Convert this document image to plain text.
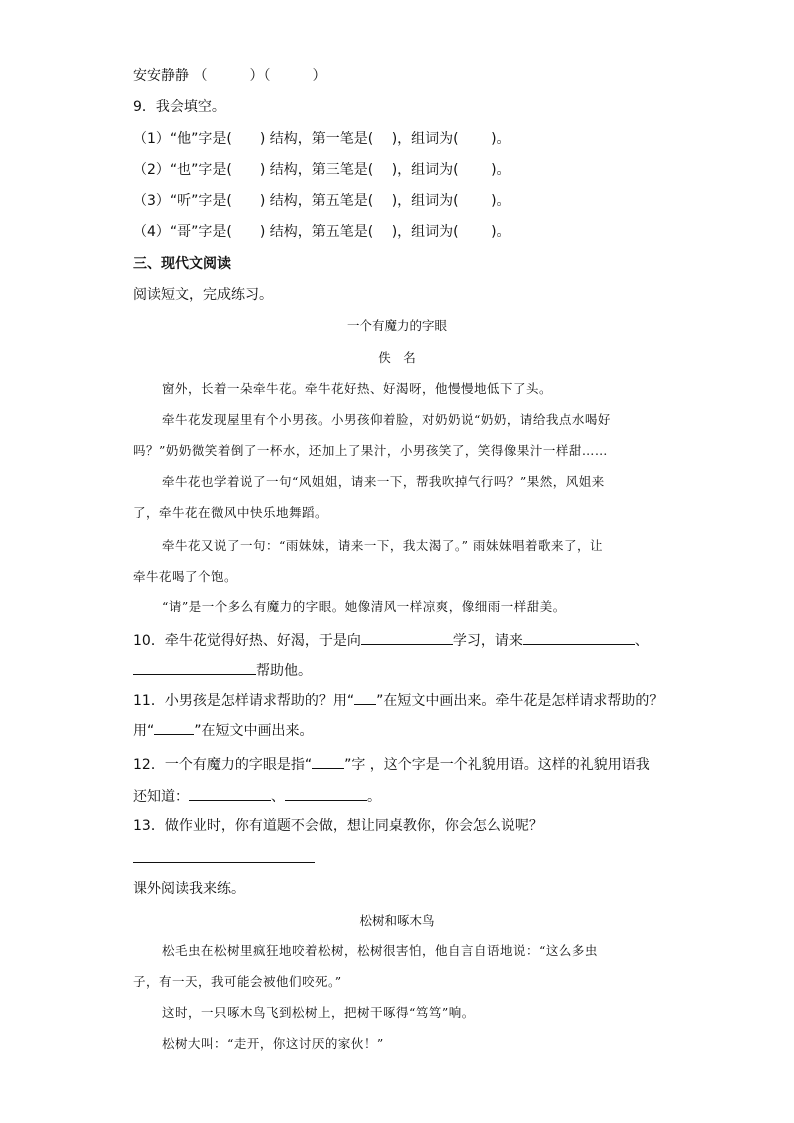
安安静静 （　　　）（　　　）
9．我会填空。
（1）“他”字是(　　) 结构，第一笔是(　 )，组词为(　　 )。
（2）“也”字是(　　) 结构，第三笔是(　 )，组词为(　　 )。
（3）“听”字是(　　) 结构，第五笔是(　 )，组词为(　　 )。
（4）“哥”字是(　　) 结构，第五笔是(　 )，组词为(　　 )。
三、现代文阅读
阅读短文，完成练习。
一个有魔力的字眼
佚　名
窗外，长着一朵牵牛花。牵牛花好热、好渴呀，他慢慢地低下了头。
牵牛花发现屋里有个小男孩。小男孩仰着脸，对奶奶说“奶奶，请给我点水喝好
吗？”奶奶微笑着倒了一杯水，还加上了果汁，小男孩笑了，笑得像果汁一样甜……
牵牛花也学着说了一句“风姐姐，请来一下，帮我吹掉气行吗？”果然，风姐来
了，牵牛花在微风中快乐地舞蹈。
牵牛花又说了一句：“雨妹妹，请来一下，我太渴了。” 雨妹妹唱着歌来了，让
牵牛花喝了个饱。
“请”是一个多么有魔力的字眼。她像清风一样凉爽，像细雨一样甜美。
10．牵牛花觉得好热、好渴，于是向	学习，请来	、
帮助他。
11．小男孩是怎样请求帮助的？用“ ”在短文中画出来。牵牛花是怎样请求帮助的？
用“	”在短文中画出来。
12．一个有魔力的字眼是指“ ”字 ，这个字是一个礼貌用语。这样的礼貌用语我
还知道：	、	。
13．做作业时，你有道题不会做，想让同桌教你，你会怎么说呢？
课外阅读我来练。
松树和啄木鸟
松毛虫在松树里疯狂地咬着松树，松树很害怕，他自言自语地说：“这么多虫
子，有一天，我可能会被他们咬死。”
这时，一只啄木鸟飞到松树上，把树干啄得“笃笃”响。
松树大叫：“走开，你这讨厌的家伙！”
